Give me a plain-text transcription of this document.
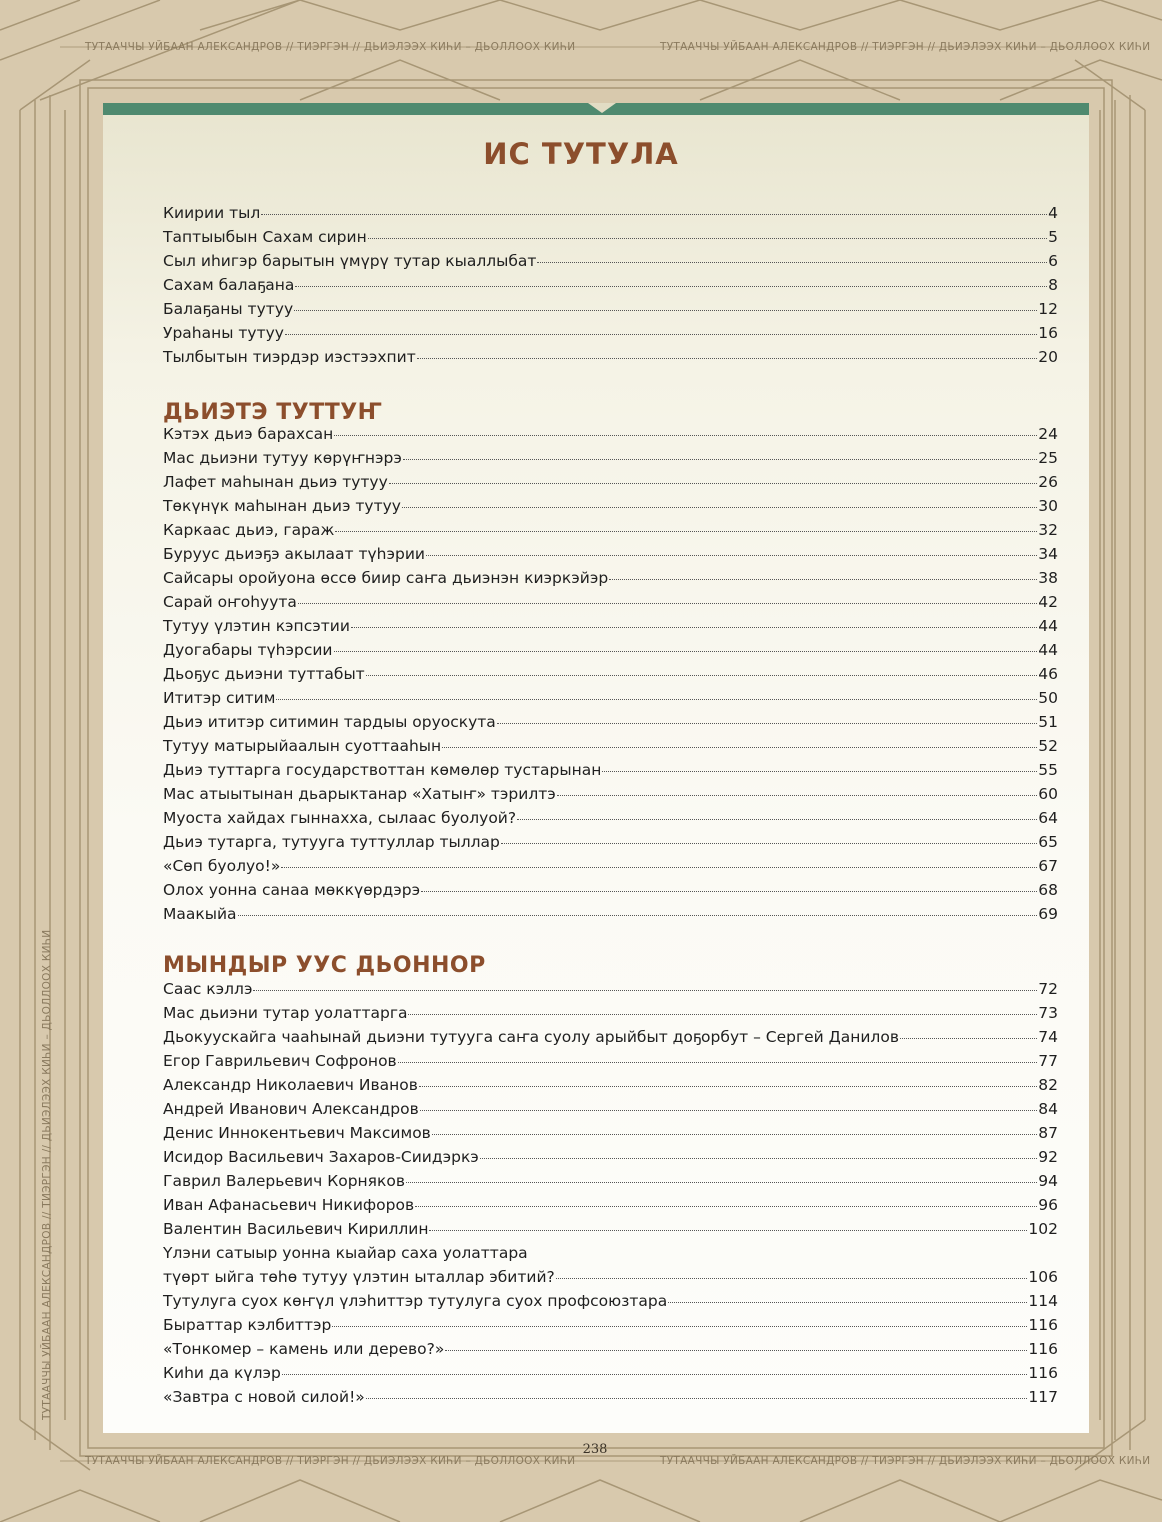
ТУТААЧЧЫ УЙБААН АЛЕКСАНДРОВ // ТИЭРГЭН // ДЬИЭЛЭЭХ КИҺИ – ДЬОЛЛООХ КИҺИ	ТУТААЧЧЫ УЙБААН АЛЕКСАНДРОВ // ТИЭРГЭН // ДЬИЭЛЭЭХ КИҺИ – ДЬОЛЛООХ КИҺИ
ТУТААЧЧЫ УЙБААН АЛЕКСАНДРОВ // ТИЭРГЭН // ДЬИЭЛЭЭХ КИҺИ – ДЬОЛЛООХ КИҺИ	ТУТААЧЧЫ УЙБААН АЛЕКСАНДРОВ // ТИЭРГЭН // ДЬИЭЛЭЭХ КИҺИ – ДЬОЛЛООХ КИҺИ
ТУТААЧЧЫ УЙБААН АЛЕКСАНДРОВ // ТИЭРГЭН // ДЬИЭЛЭЭХ КИҺИ – ДЬОЛЛООХ КИҺИ
ИС ТУТУЛА
Киирии тыл	4
Таптыыбын Сахам сирин	5
Сыл иһигэр барытын үмүрү тутар кыаллыбат	6
Сахам балаҕана	8
Балаҕаны тутуу	12
Ураһаны тутуу	16
Тылбытын тиэрдэр иэстээхпит	20
ДЬИЭТЭ ТУТТУҤ
Кэтэх дьиэ барахсан	24
Мас дьиэни тутуу көрүҥнэрэ	25
Лафет маһынан дьиэ тутуу	26
Төкүнүк маһынан дьиэ тутуу	30
Каркаас дьиэ, гараж	32
Буруус дьиэҕэ акылаат түһэрии	34
Сайсары оройуона өссө биир саҥа дьиэнэн киэркэйэр	38
Сарай оҥоһуута	42
Тутуу үлэтин кэпсэтии	44
Дуогабары түһэрсии	44
Дьоҕус дьиэни туттабыт	46
Ититэр ситим	50
Дьиэ ититэр ситимин тардыы оруоскута	51
Тутуу матырыйаалын суоттааһын	52
Дьиэ туттарга государствоттан көмөлөр тустарынан	55
Мас атыытынан дьарыктанар «Хатыҥ» тэрилтэ	60
Муоста хайдах гыннахха, сылаас буолуой?	64
Дьиэ тутарга, тутууга туттуллар тыллар	65
«Сөп буолуо!»	67
Олох уонна санаа мөккүөрдэрэ	68
Маакыйа	69
МЫНДЫР УУС ДЬОННОР
Саас кэллэ	72
Мас дьиэни тутар уолаттарга	73
Дьокуускайга чааһынай дьиэни тутууга саҥа суолу арыйбыт доҕорбут – Сергей Данилов	74
Егор Гаврильевич Софронов	77
Александр Николаевич Иванов	82
Андрей Иванович Александров	84
Денис Иннокентьевич Максимов	87
Исидор Васильевич Захаров-Сиидэркэ	92
Гаврил Валерьевич Корняков	94
Иван Афанасьевич Никифоров	96
Валентин Васильевич Кириллин	102
Үлэни сатыыр уонна кыайар саха уолаттара
түөрт ыйга төһө тутуу үлэтин ыталлар эбитий?	106
Тутулуга суох көҥүл үлэһиттэр тутулуга суох профсоюзтара	114
Быраттар кэлбиттэр	116
«Тонкомер – камень или дерево?»	116
Киһи да күлэр	116
«Завтра с новой силой!»	117
238
